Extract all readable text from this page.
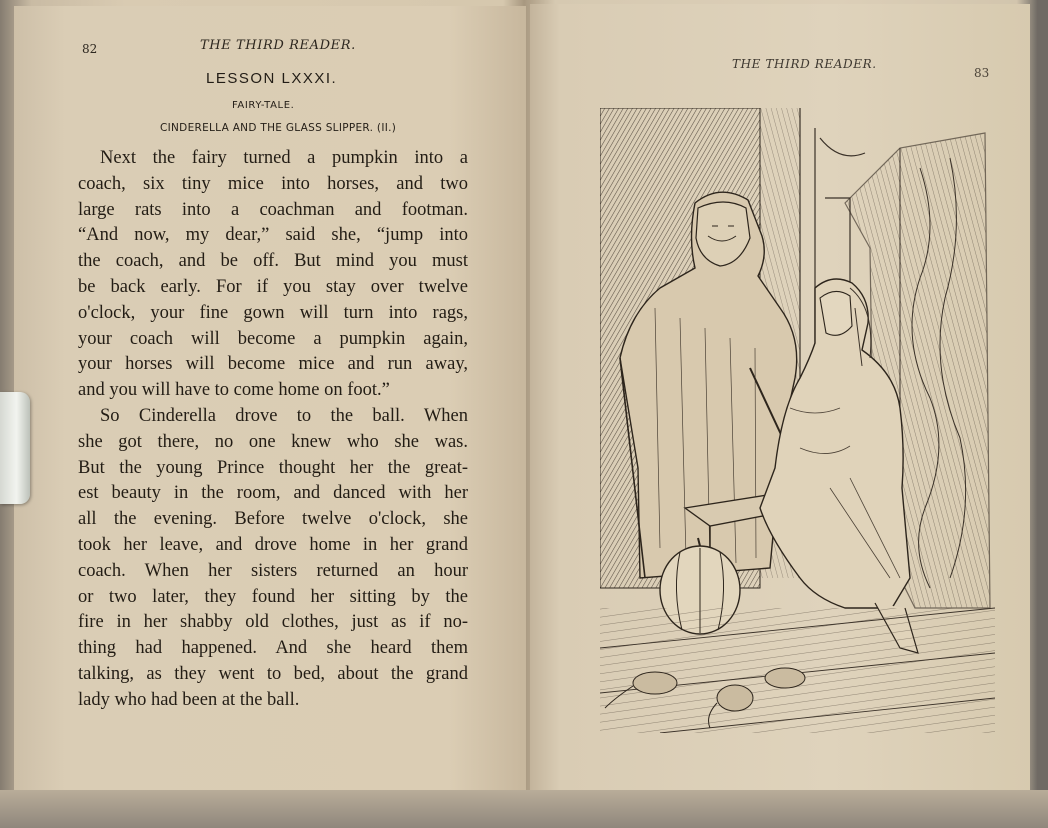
82	THE THIRD READER.
LESSON LXXXI.
FAIRY-TALE.
CINDERELLA AND THE GLASS SLIPPER. (II.)
Next the fairy turned a pumpkin into a
coach, six tiny mice into horses, and two
large rats into a coachman and footman.
“And now, my dear,” said she, “jump into
the coach, and be off. But mind you must
be back early. For if you stay over twelve
o'clock, your fine gown will turn into rags,
your coach will become a pumpkin again,
your horses will become mice and run away,
and you will have to come home on foot.”
So Cinderella drove to the ball. When
she got there, no one knew who she was.
But the young Prince thought her the great-
est beauty in the room, and danced with her
all the evening. Before twelve o'clock, she
took her leave, and drove home in her grand
coach. When her sisters returned an hour
or two later, they found her sitting by the
fire in her shabby old clothes, just as if no-
thing had happened. And she heard them
talking, as they went to bed, about the grand
lady who had been at the ball.
THE THIRD READER.
83
